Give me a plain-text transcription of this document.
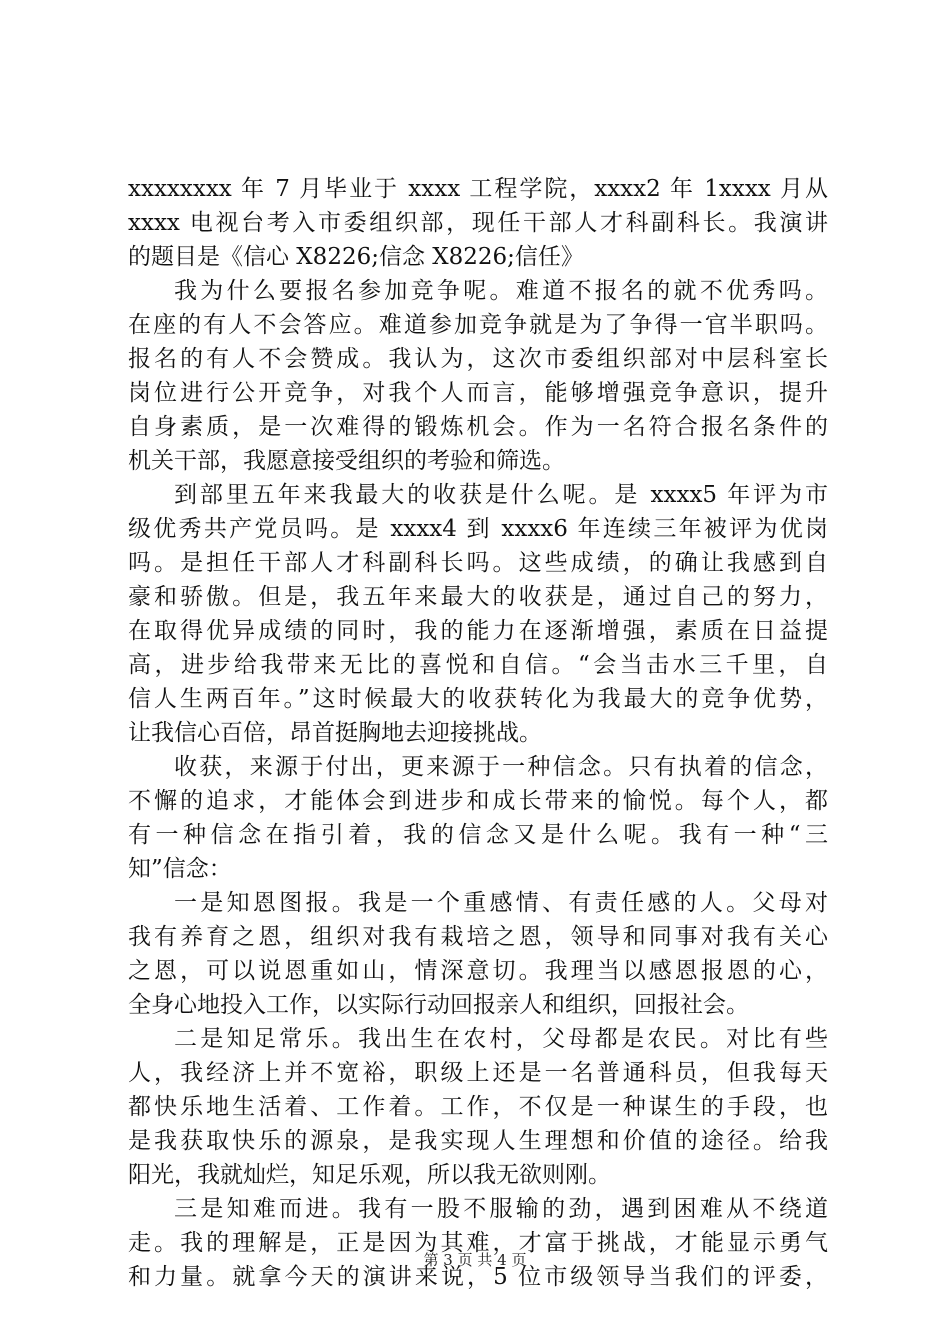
xxxxxxxx 年 7 月毕业于 xxxx 工程学院，xxxx2 年 1xxxx 月从
xxxx 电视台考入市委组织部，现任干部人才科副科长。我演讲
的题目是《信心 X8226;信念 X8226;信任》
我为什么要报名参加竞争呢。难道不报名的就不优秀吗。
在座的有人不会答应。难道参加竞争就是为了争得一官半职吗。
报名的有人不会赞成。我认为，这次市委组织部对中层科室长
岗位进行公开竞争，对我个人而言，能够增强竞争意识，提升
自身素质，是一次难得的锻炼机会。作为一名符合报名条件的
机关干部，我愿意接受组织的考验和筛选。
到部里五年来我最大的收获是什么呢。是 xxxx5 年评为市
级优秀共产党员吗。是 xxxx4 到 xxxx6 年连续三年被评为优岗
吗。是担任干部人才科副科长吗。这些成绩，的确让我感到自
豪和骄傲。但是，我五年来最大的收获是，通过自己的努力，
在取得优异成绩的同时，我的能力在逐渐增强，素质在日益提
高，进步给我带来无比的喜悦和自信。“会当击水三千里，自
信人生两百年。”这时候最大的收获转化为我最大的竞争优势，
让我信心百倍，昂首挺胸地去迎接挑战。
收获，来源于付出，更来源于一种信念。只有执着的信念，
不懈的追求，才能体会到进步和成长带来的愉悦。每个人，都
有一种信念在指引着，我的信念又是什么呢。我有一种“三
知”信念：
一是知恩图报。我是一个重感情、有责任感的人。父母对
我有养育之恩，组织对我有栽培之恩，领导和同事对我有关心
之恩，可以说恩重如山，情深意切。我理当以感恩报恩的心，
全身心地投入工作，以实际行动回报亲人和组织，回报社会。
二是知足常乐。我出生在农村，父母都是农民。对比有些
人，我经济上并不宽裕，职级上还是一名普通科员，但我每天
都快乐地生活着、工作着。工作，不仅是一种谋生的手段，也
是我获取快乐的源泉，是我实现人生理想和价值的途径。给我
阳光，我就灿烂，知足乐观，所以我无欲则刚。
三是知难而进。我有一股不服输的劲，遇到困难从不绕道
走。我的理解是，正是因为其难，才富于挑战，才能显示勇气
和力量。就拿今天的演讲来说，5 位市级领导当我们的评委，
第 3 页 共 4 页
